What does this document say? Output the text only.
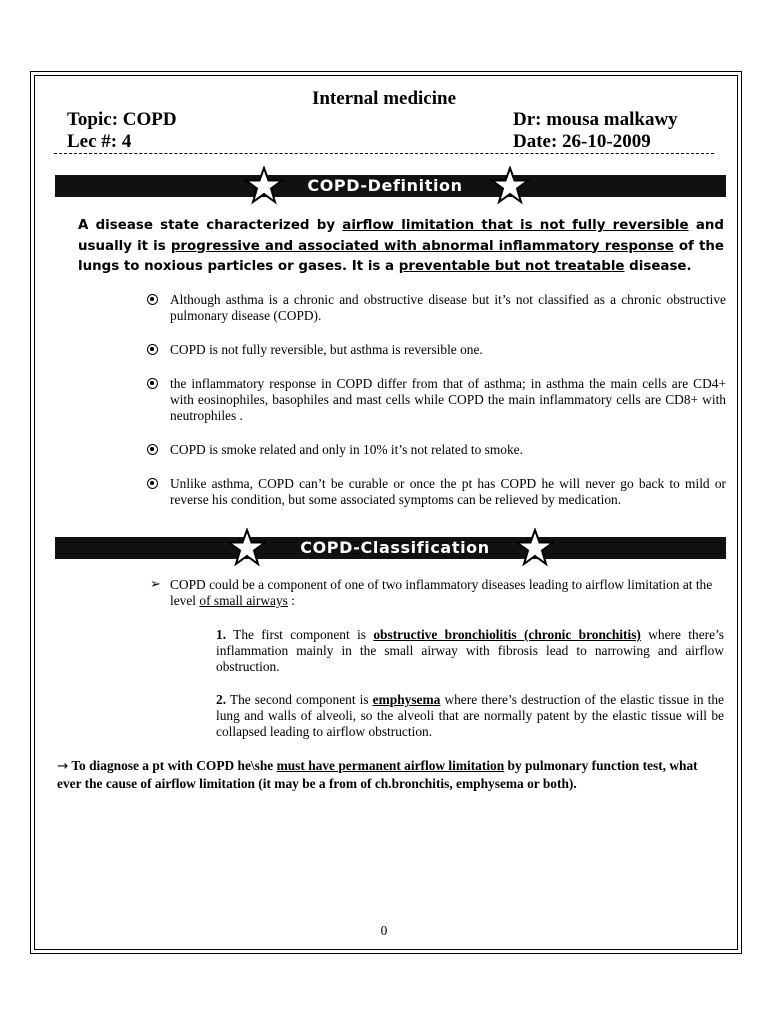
Internal medicine
Topic: COPD	Dr: mousa malkawy
Lec #: 4	Date: 26-10-2009
COPD-Definition
A disease state characterized by airflow limitation that is not fully reversible and usually it is progressive and associated with abnormal inflammatory response of the lungs to noxious particles or gases. It is a preventable but not treatable disease.
Although asthma is a chronic and obstructive disease but it’s not classified as a chronic obstructive pulmonary disease (COPD).
COPD is not fully reversible, but asthma is reversible one.
the inflammatory response in COPD differ from that of asthma; in asthma the main cells are CD4+ with eosinophiles, basophiles and mast cells while COPD the main inflammatory cells are CD8+ with neutrophiles .
COPD is smoke related and only in 10% it’s not related to smoke.
Unlike asthma, COPD can’t be curable or once the pt has COPD he will never go back to mild or reverse his condition, but some associated symptoms can be relieved by medication.
COPD-Classification
➢ COPD could be a component of one of two inflammatory diseases leading to airflow limitation at the level of small airways :
1. The first component is obstructive bronchiolitis (chronic bronchitis) where there’s inflammation mainly in the small airway with fibrosis lead to narrowing and airflow obstruction.
2. The second component is emphysema where there’s destruction of the elastic tissue in the lung and walls of alveoli, so the alveoli that are normally patent by the elastic tissue will be collapsed leading to airflow obstruction.
→ To diagnose a pt with COPD he\she must have permanent airflow limitation by pulmonary function test, what ever the cause of airflow limitation (it may be a from of ch.bronchitis, emphysema or both).
0
